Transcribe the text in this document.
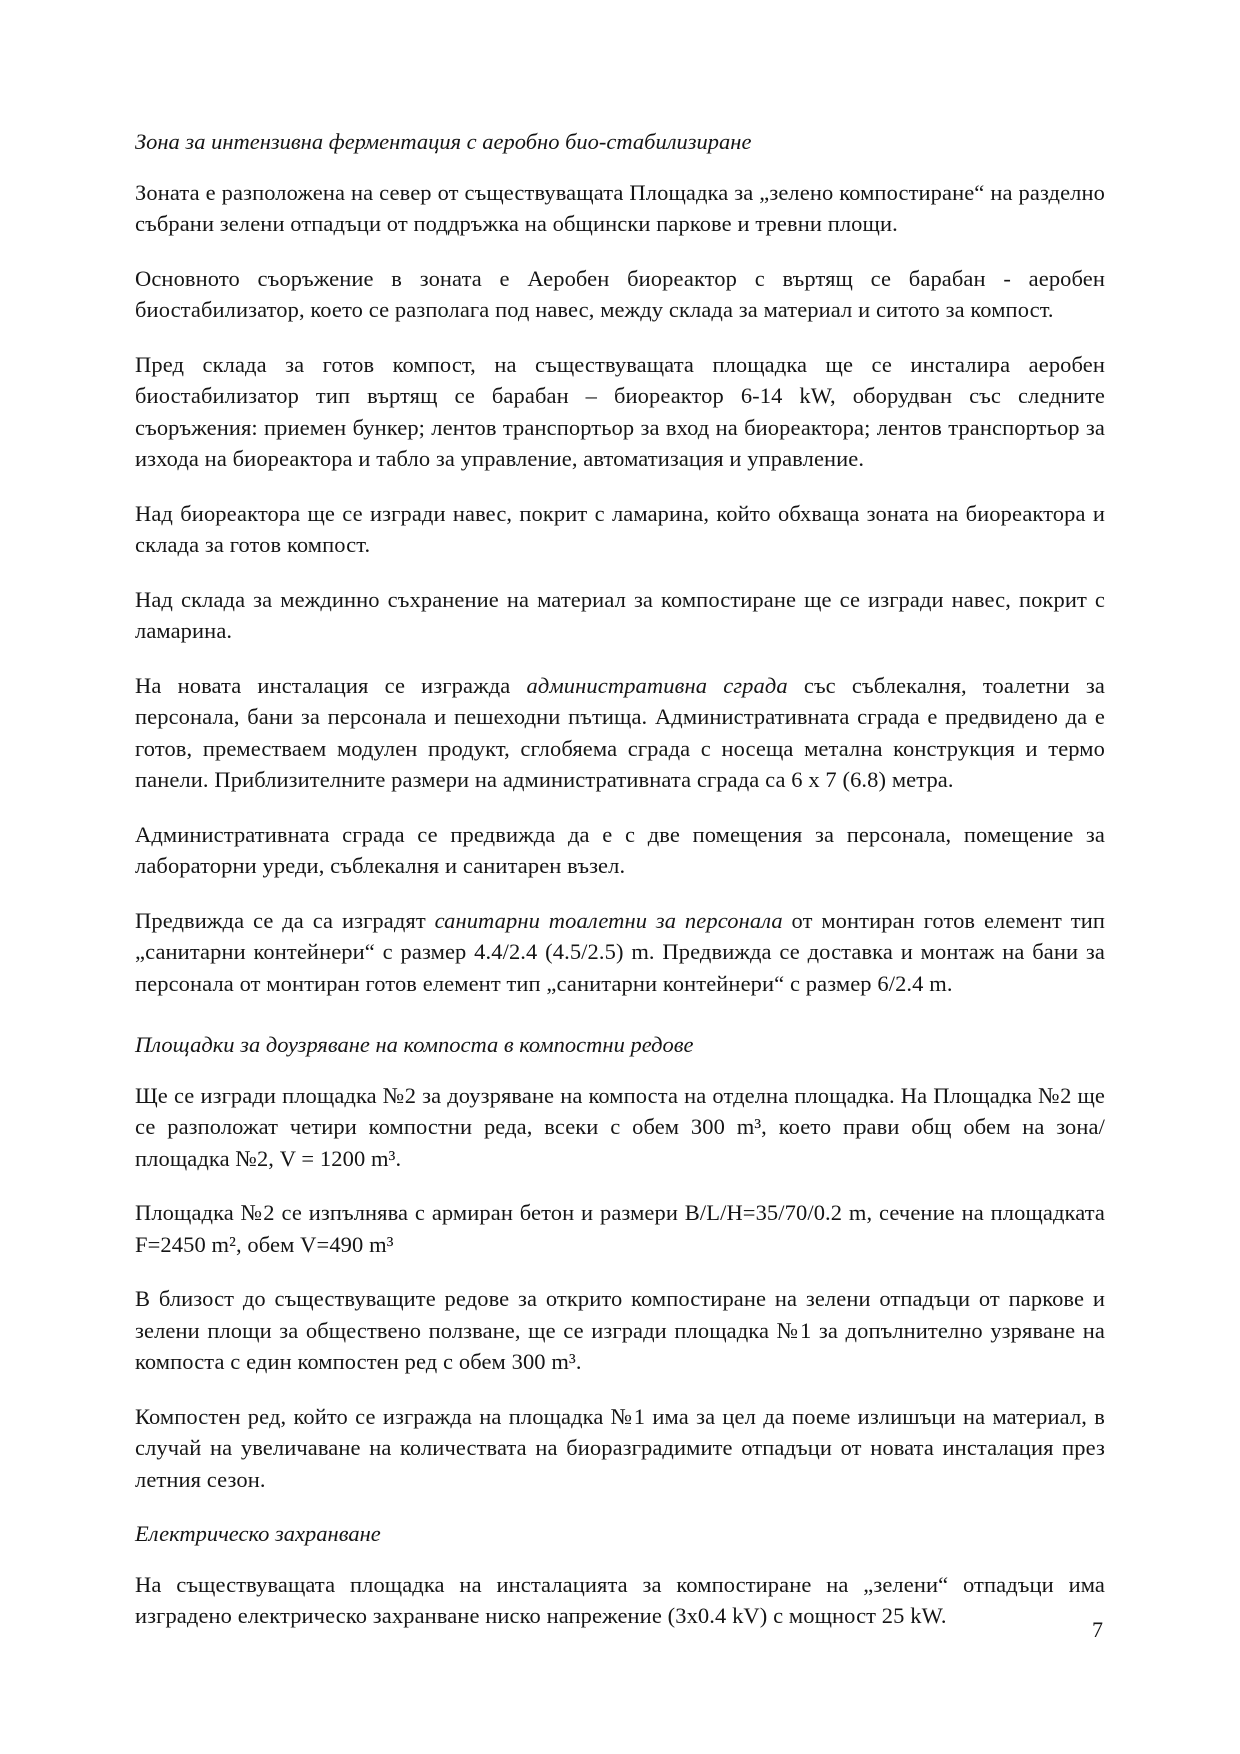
Зона за интензивна ферментация с аеробно био-стабилизиране

Зоната е разположена на север от съществуващата Площадка за „зелено компостиране“ на разделно събрани зелени отпадъци от поддръжка на общински паркове и тревни площи.

Основното съоръжение в зоната е Аеробен биореактор с въртящ се барабан - аеробен биостабилизатор, което се разполага под навес, между склада за материал и ситото за компост.

Пред склада за готов компост, на съществуващата площадка ще се инсталира аеробен биостабилизатор тип въртящ се барабан – биореактор 6-14 kW, оборудван със следните съоръжения: приемен бункер; лентов транспортьор за вход на биореактора; лентов транспортьор за изхода на биореактора и табло за управление, автоматизация и управление.

Над биореактора ще се изгради навес, покрит с ламарина, който обхваща зоната на биореактора и склада за готов компост.

Над склада за междинно съхранение на материал за компостиране ще се изгради навес, покрит с ламарина.

На новата инсталация се изгражда административна сграда със съблекалня, тоалетни за персонала, бани за персонала и пешеходни пътища. Административната сграда е предвидено да е готов, преместваем модулен продукт, сглобяема сграда с носеща метална конструкция и термо панели. Приблизителните размери на административната сграда са 6 х 7 (6.8) метра.

Административната сграда се предвижда да е с две помещения за персонала, помещение за лабораторни уреди, съблекалня и санитарен възел.

Предвижда се да са изградят санитарни тоалетни за персонала от монтиран готов елемент тип „санитарни контейнери“ с размер 4.4/2.4 (4.5/2.5) m. Предвижда се доставка и монтаж на бани за персонала от монтиран готов елемент тип „санитарни контейнери“ с размер 6/2.4 m.

Площадки за доузряване на компоста в компостни редове

Ще се изгради площадка №2 за доузряване на компоста на отделна площадка. На Площадка №2 ще се разположат четири компостни реда, всеки с обем 300 m³, което прави общ обем на зона/площадка №2, V = 1200 m³.

Площадка №2 се изпълнява с армиран бетон и размери B/L/H=35/70/0.2 m, сечение на площадката F=2450 m², обем V=490 m³

В близост до съществуващите редове за открито компостиране на зелени отпадъци от паркове и зелени площи за обществено ползване, ще се изгради площадка №1 за допълнително узряване на компоста с един компостен ред с обем 300 m³.

Компостен ред, който се изгражда на площадка №1 има за цел да поеме излишъци на материал, в случай на увеличаване на количествата на биоразградимите отпадъци от новата инсталация през летния сезон.

Електрическо захранване

На съществуващата площадка на инсталацията за компостиране на „зелени“ отпадъци има изградено електрическо захранване ниско напрежение (3x0.4 kV) с мощност 25 kW.

7
